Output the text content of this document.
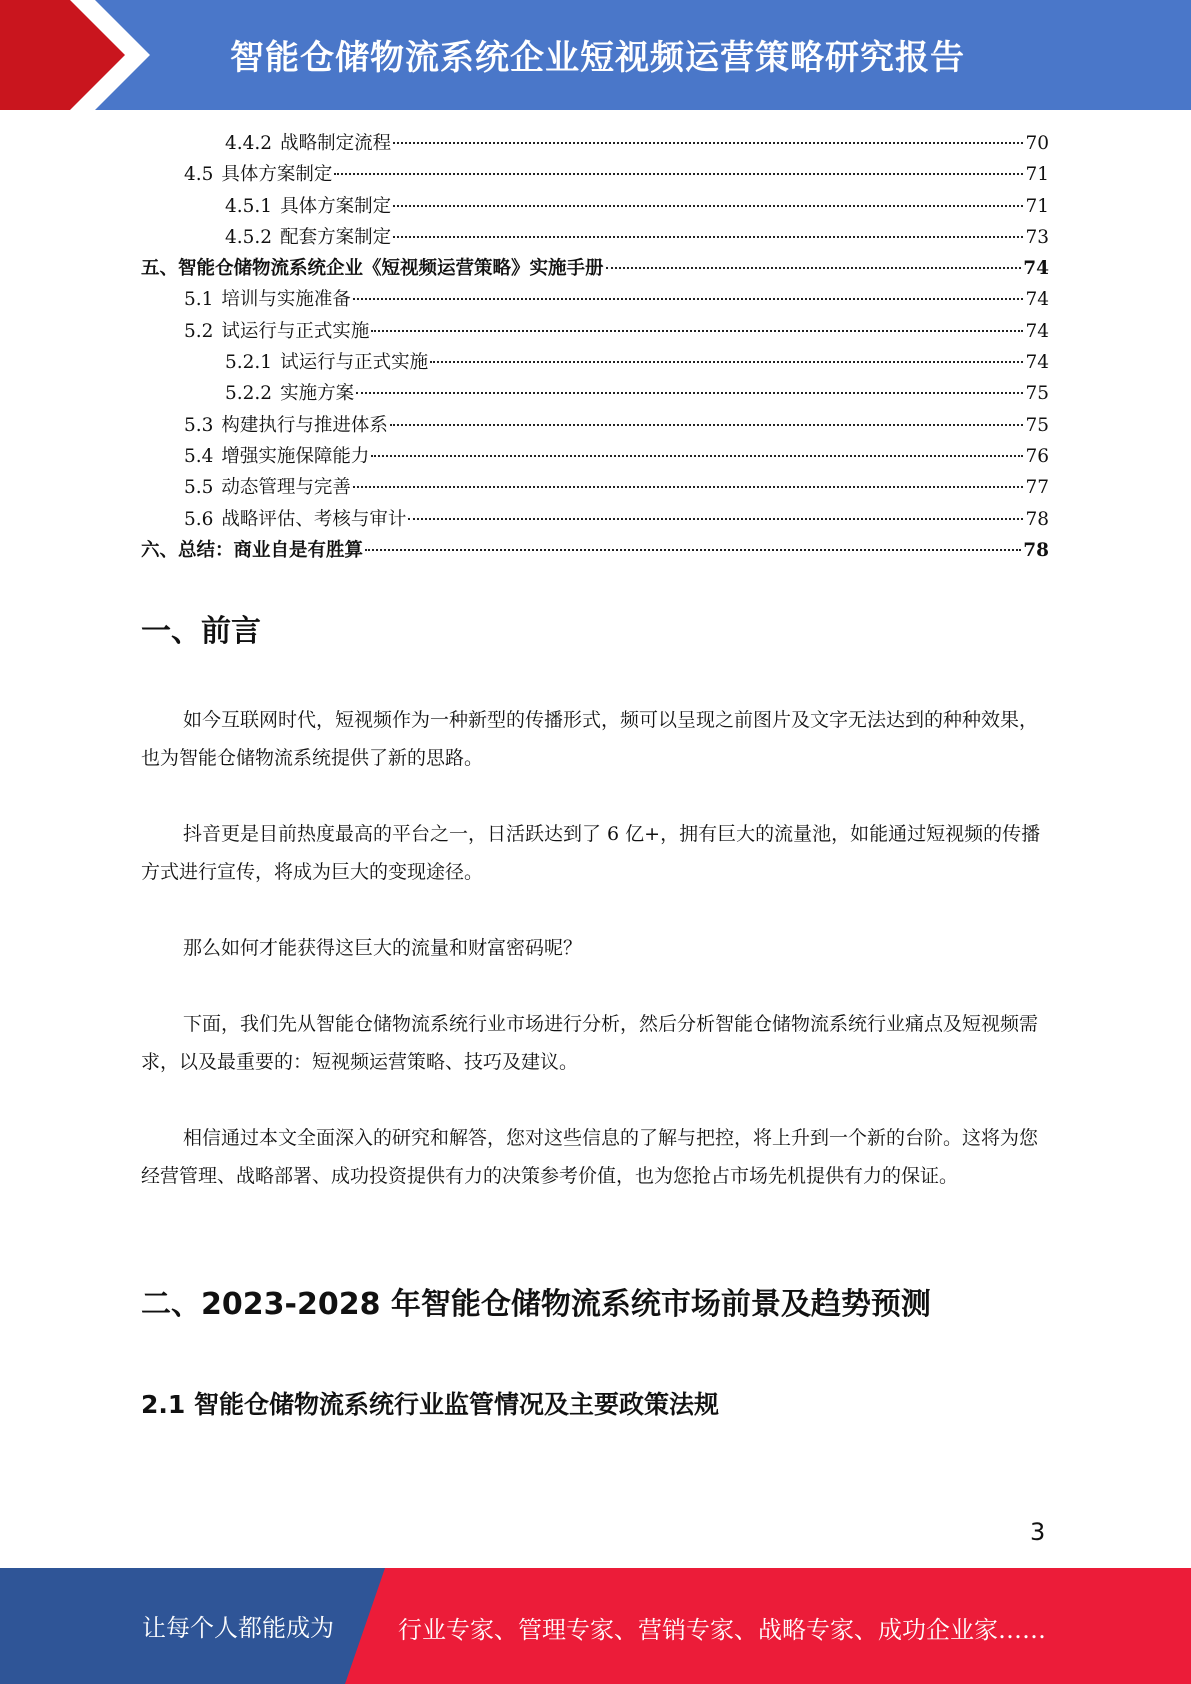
智能仓储物流系统企业短视频运营策略研究报告
4.4.2 战略制定流程	70
4.5 具体方案制定	71
4.5.1 具体方案制定	71
4.5.2 配套方案制定	73
五、智能仓储物流系统企业《短视频运营策略》实施手册	74
5.1 培训与实施准备	74
5.2 试运行与正式实施	74
5.2.1 试运行与正式实施	74
5.2.2 实施方案	75
5.3 构建执行与推进体系	75
5.4 增强实施保障能力	76
5.5 动态管理与完善	77
5.6 战略评估、考核与审计	78
六、总结：商业自是有胜算	78
一、前言
如今互联网时代，短视频作为一种新型的传播形式，频可以呈现之前图片及文字无法达到的种种效果，也为智能仓储物流系统提供了新的思路。
抖音更是目前热度最高的平台之一，日活跃达到了 6 亿+，拥有巨大的流量池，如能通过短视频的传播方式进行宣传，将成为巨大的变现途径。
那么如何才能获得这巨大的流量和财富密码呢？
下面，我们先从智能仓储物流系统行业市场进行分析，然后分析智能仓储物流系统行业痛点及短视频需求，以及最重要的：短视频运营策略、技巧及建议。
相信通过本文全面深入的研究和解答，您对这些信息的了解与把控，将上升到一个新的台阶。这将为您经营管理、战略部署、成功投资提供有力的决策参考价值，也为您抢占市场先机提供有力的保证。
二、2023-2028 年智能仓储物流系统市场前景及趋势预测
2.1 智能仓储物流系统行业监管情况及主要政策法规
3
让每个人都能成为	行业专家、管理专家、营销专家、战略专家、成功企业家……
